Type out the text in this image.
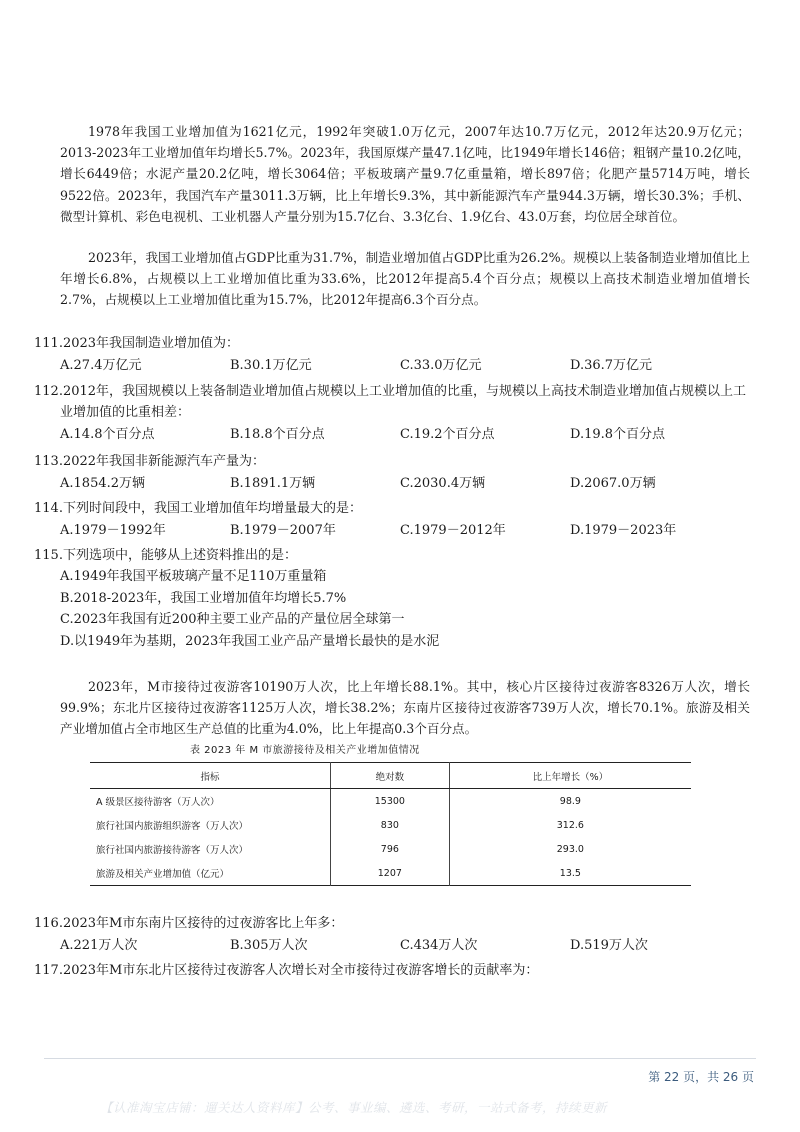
1978年我国工业增加值为1621亿元，1992年突破1.0万亿元，2007年达10.7万亿元，2012年达20.9万亿元；2013-2023年工业增加值年均增长5.7%。2023年，我国原煤产量47.1亿吨，比1949年增长146倍；粗钢产量10.2亿吨，增长6449倍；水泥产量20.2亿吨，增长3064倍；平板玻璃产量9.7亿重量箱，增长897倍；化肥产量5714万吨，增长9522倍。2023年，我国汽车产量3011.3万辆，比上年增长9.3%，其中新能源汽车产量944.3万辆，增长30.3%；手机、微型计算机、彩色电视机、工业机器人产量分别为15.7亿台、3.3亿台、1.9亿台、43.0万套，均位居全球首位。

2023年，我国工业增加值占GDP比重为31.7%，制造业增加值占GDP比重为26.2%。规模以上装备制造业增加值比上年增长6.8%，占规模以上工业增加值比重为33.6%，比2012年提高5.4个百分点；规模以上高技术制造业增加值增长2.7%，占规模以上工业增加值比重为15.7%，比2012年提高6.3个百分点。

111.2023年我国制造业增加值为：

A.27.4万亿元	B.30.1万亿元	C.33.0万亿元	D.36.7万亿元

112.2012年，我国规模以上装备制造业增加值占规模以上工业增加值的比重，与规模以上高技术制造业增加值占规模以上工业增加值的比重相差：

A.14.8个百分点	B.18.8个百分点	C.19.2个百分点	D.19.8个百分点

113.2022年我国非新能源汽车产量为：

A.1854.2万辆	B.1891.1万辆	C.2030.4万辆	D.2067.0万辆

114.下列时间段中，我国工业增加值年均增量最大的是：

A.1979－1992年	B.1979－2007年	C.1979－2012年	D.1979－2023年

115.下列选项中，能够从上述资料推出的是：

A.1949年我国平板玻璃产量不足110万重量箱

B.2018-2023年，我国工业增加值年均增长5.7%

C.2023年我国有近200种主要工业产品的产量位居全球第一

D.以1949年为基期，2023年我国工业产品产量增长最快的是水泥

2023年，M市接待过夜游客10190万人次，比上年增长88.1%。其中，核心片区接待过夜游客8326万人次，增长99.9%；东北片区接待过夜游客1125万人次，增长38.2%；东南片区接待过夜游客739万人次，增长70.1%。旅游及相关产业增加值占全市地区生产总值的比重为4.0%，比上年提高0.3个百分点。

表 2023 年 M 市旅游接待及相关产业增加值情况

指标	绝对数	比上年增长（%）
A 级景区接待游客（万人次）	15300	98.9
旅行社国内旅游组织游客（万人次）	830	312.6
旅行社国内旅游接待游客（万人次）	796	293.0
旅游及相关产业增加值（亿元）	1207	13.5

116.2023年M市东南片区接待的过夜游客比上年多：

A.221万人次	B.305万人次	C.434万人次	D.519万人次

117.2023年M市东北片区接待过夜游客人次增长对全市接待过夜游客增长的贡献率为：

第 22 页，共 26 页

【认准淘宝店铺：遛关达人资料库】公考、事业编、遴选、考研，一站式备考，持续更新
